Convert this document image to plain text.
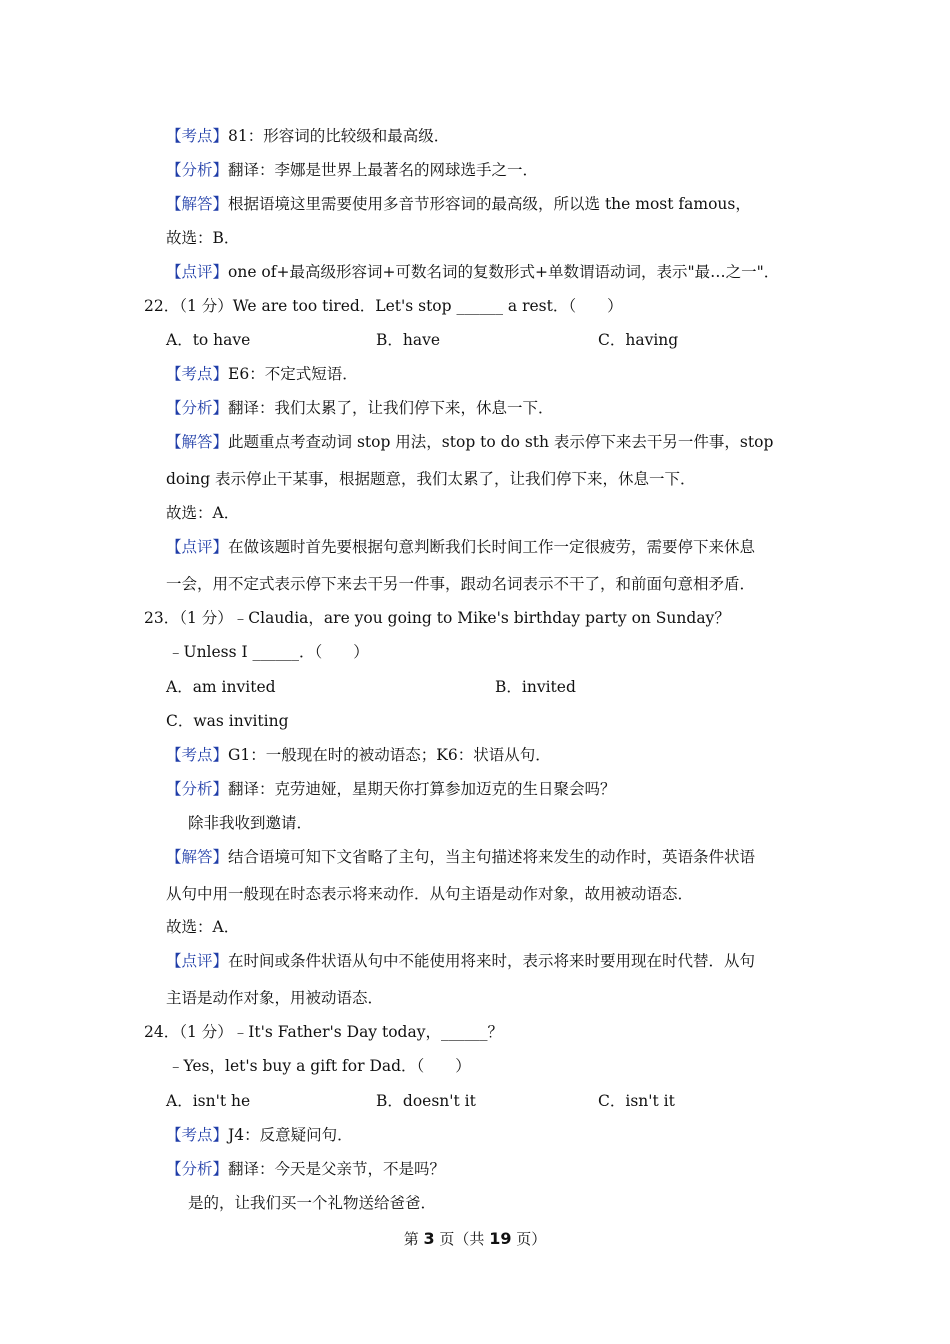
【考点】81：形容词的比较级和最高级．
【分析】翻译：李娜是世界上最著名的网球选手之一．
【解答】根据语境这里需要使用多音节形容词的最高级，所以选 the most famous，
故选：B．
【点评】one of+最高级形容词+可数名词的复数形式+单数谓语动词，表示"最…之一"．
22．（1 分）We are too tired．Let's stop ______ a rest．（　　）
A．to have	B．have	C．having
【考点】E6：不定式短语．
【分析】翻译：我们太累了，让我们停下来，休息一下．
【解答】此题重点考查动词 stop 用法，stop to do sth 表示停下来去干另一件事，stop
doing 表示停止干某事，根据题意，我们太累了，让我们停下来，休息一下．
故选：A．
【点评】在做该题时首先要根据句意判断我们长时间工作一定很疲劳，需要停下来休息
一会，用不定式表示停下来去干另一件事，跟动名词表示不干了，和前面句意相矛盾．
23．（1 分）﹣Claudia，are you going to Mike's birthday party on Sunday？
﹣Unless I ______．（　　）
A．am invited	B．invited
C．was inviting
【考点】G1：一般现在时的被动语态；K6：状语从句．
【分析】翻译：克劳迪娅，星期天你打算参加迈克的生日聚会吗？
除非我收到邀请．
【解答】结合语境可知下文省略了主句，当主句描述将来发生的动作时，英语条件状语
从句中用一般现在时态表示将来动作．从句主语是动作对象，故用被动语态．
故选：A．
【点评】在时间或条件状语从句中不能使用将来时，表示将来时要用现在时代替．从句
主语是动作对象，用被动语态．
24．（1 分）﹣It's Father's Day today，______？
﹣Yes，let's buy a gift for Dad．（　　）
A．isn't he	B．doesn't it	C．isn't it
【考点】J4：反意疑问句．
【分析】翻译：今天是父亲节，不是吗？
是的，让我们买一个礼物送给爸爸．
第 3 页（共 19 页）
